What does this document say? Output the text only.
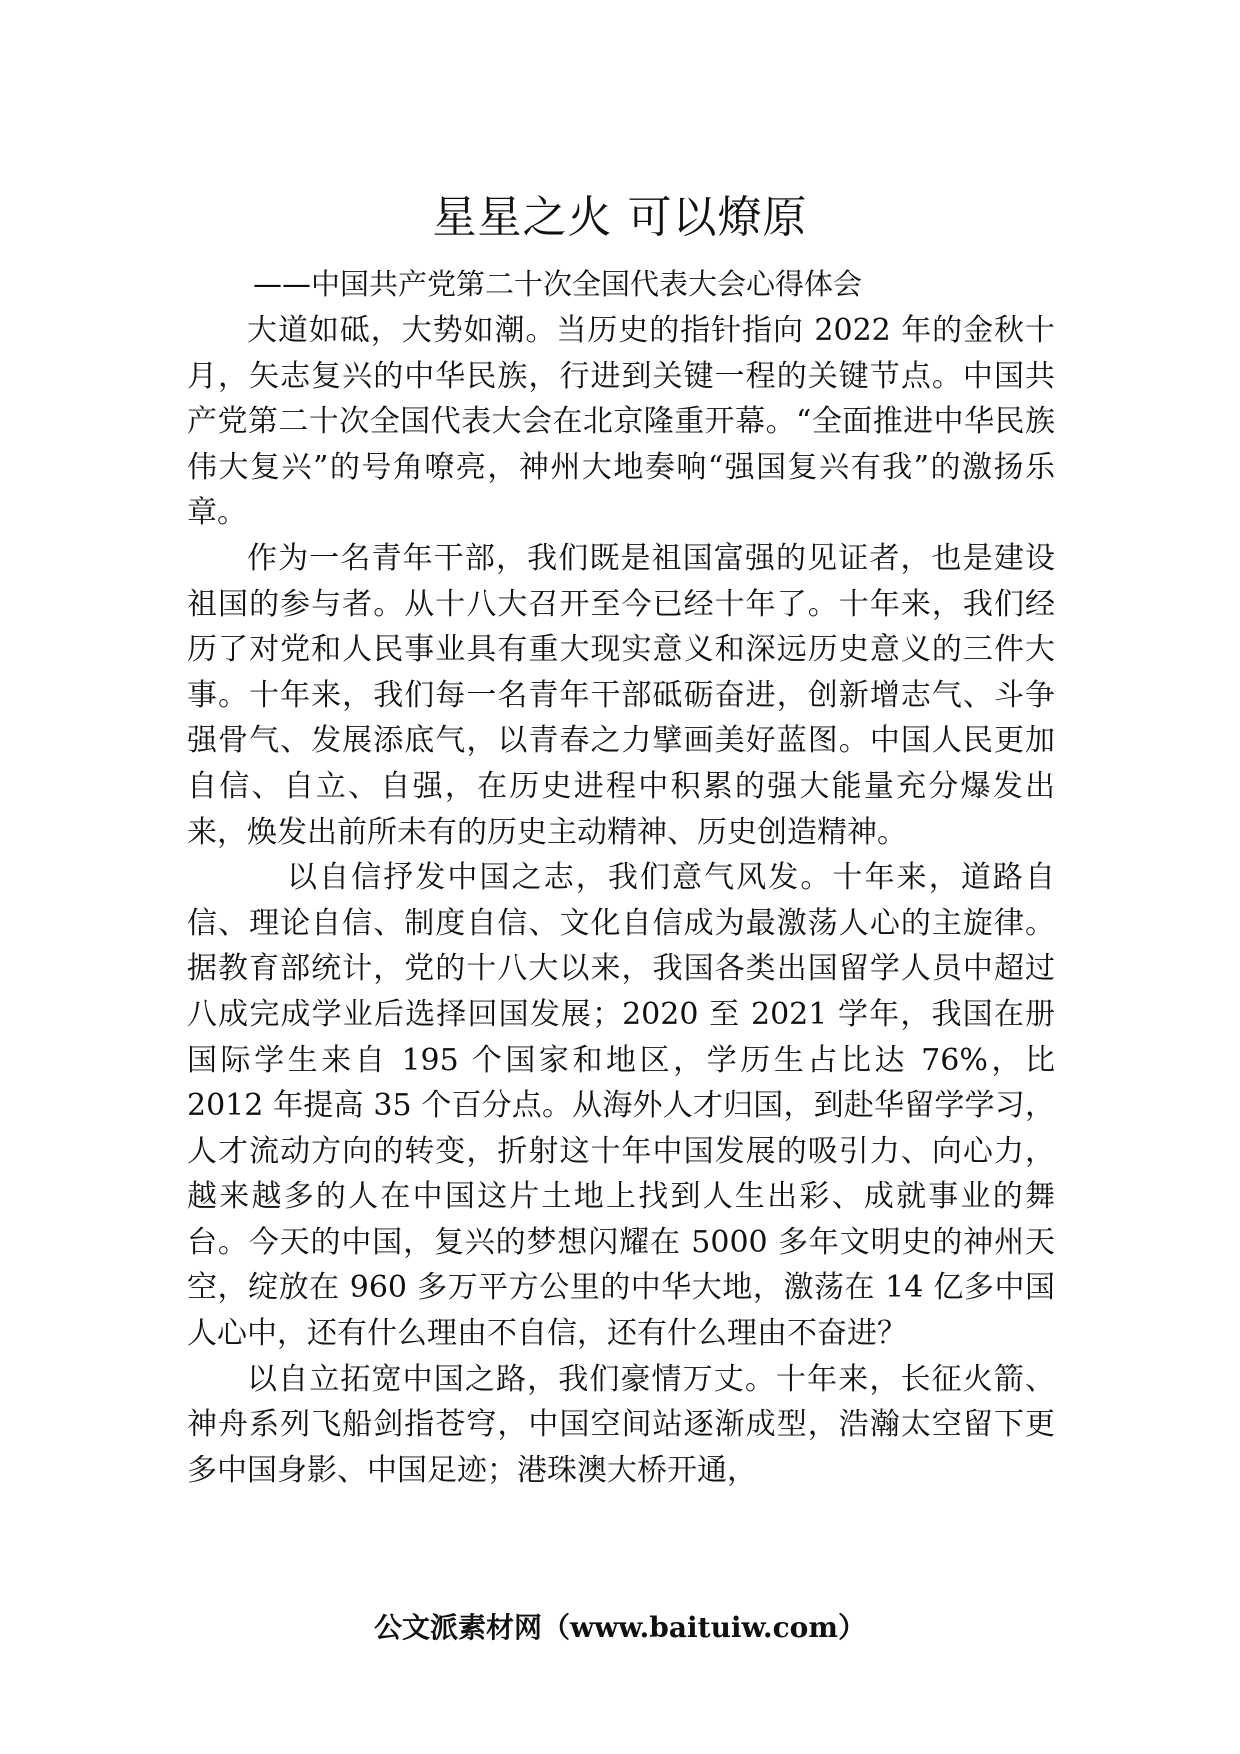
星星之火 可以燎原

——中国共产党第二十次全国代表大会心得体会

大道如砥，大势如潮。当历史的指针指向 2022 年的金秋十月，矢志复兴的中华民族，行进到关键一程的关键节点。中国共产党第二十次全国代表大会在北京隆重开幕。“全面推进中华民族伟大复兴”的号角嘹亮，神州大地奏响“强国复兴有我”的激扬乐章。

作为一名青年干部，我们既是祖国富强的见证者，也是建设祖国的参与者。从十八大召开至今已经十年了。十年来，我们经历了对党和人民事业具有重大现实意义和深远历史意义的三件大事。十年来，我们每一名青年干部砥砺奋进，创新增志气、斗争强骨气、发展添底气，以青春之力擘画美好蓝图。中国人民更加自信、自立、自强，在历史进程中积累的强大能量充分爆发出来，焕发出前所未有的历史主动精神、历史创造精神。

以自信抒发中国之志，我们意气风发。十年来，道路自信、理论自信、制度自信、文化自信成为最激荡人心的主旋律。据教育部统计，党的十八大以来，我国各类出国留学人员中超过八成完成学业后选择回国发展；2020 至 2021 学年，我国在册国际学生来自 195 个国家和地区，学历生占比达 76%，比 2012 年提高 35 个百分点。从海外人才归国，到赴华留学学习，人才流动方向的转变，折射这十年中国发展的吸引力、向心力，越来越多的人在中国这片土地上找到人生出彩、成就事业的舞台。今天的中国，复兴的梦想闪耀在 5000 多年文明史的神州天空，绽放在 960 多万平方公里的中华大地，激荡在 14 亿多中国人心中，还有什么理由不自信，还有什么理由不奋进？

以自立拓宽中国之路，我们豪情万丈。十年来，长征火箭、神舟系列飞船剑指苍穹，中国空间站逐渐成型，浩瀚太空留下更多中国身影、中国足迹；港珠澳大桥开通，

公文派素材网（www.baituiw.com）
